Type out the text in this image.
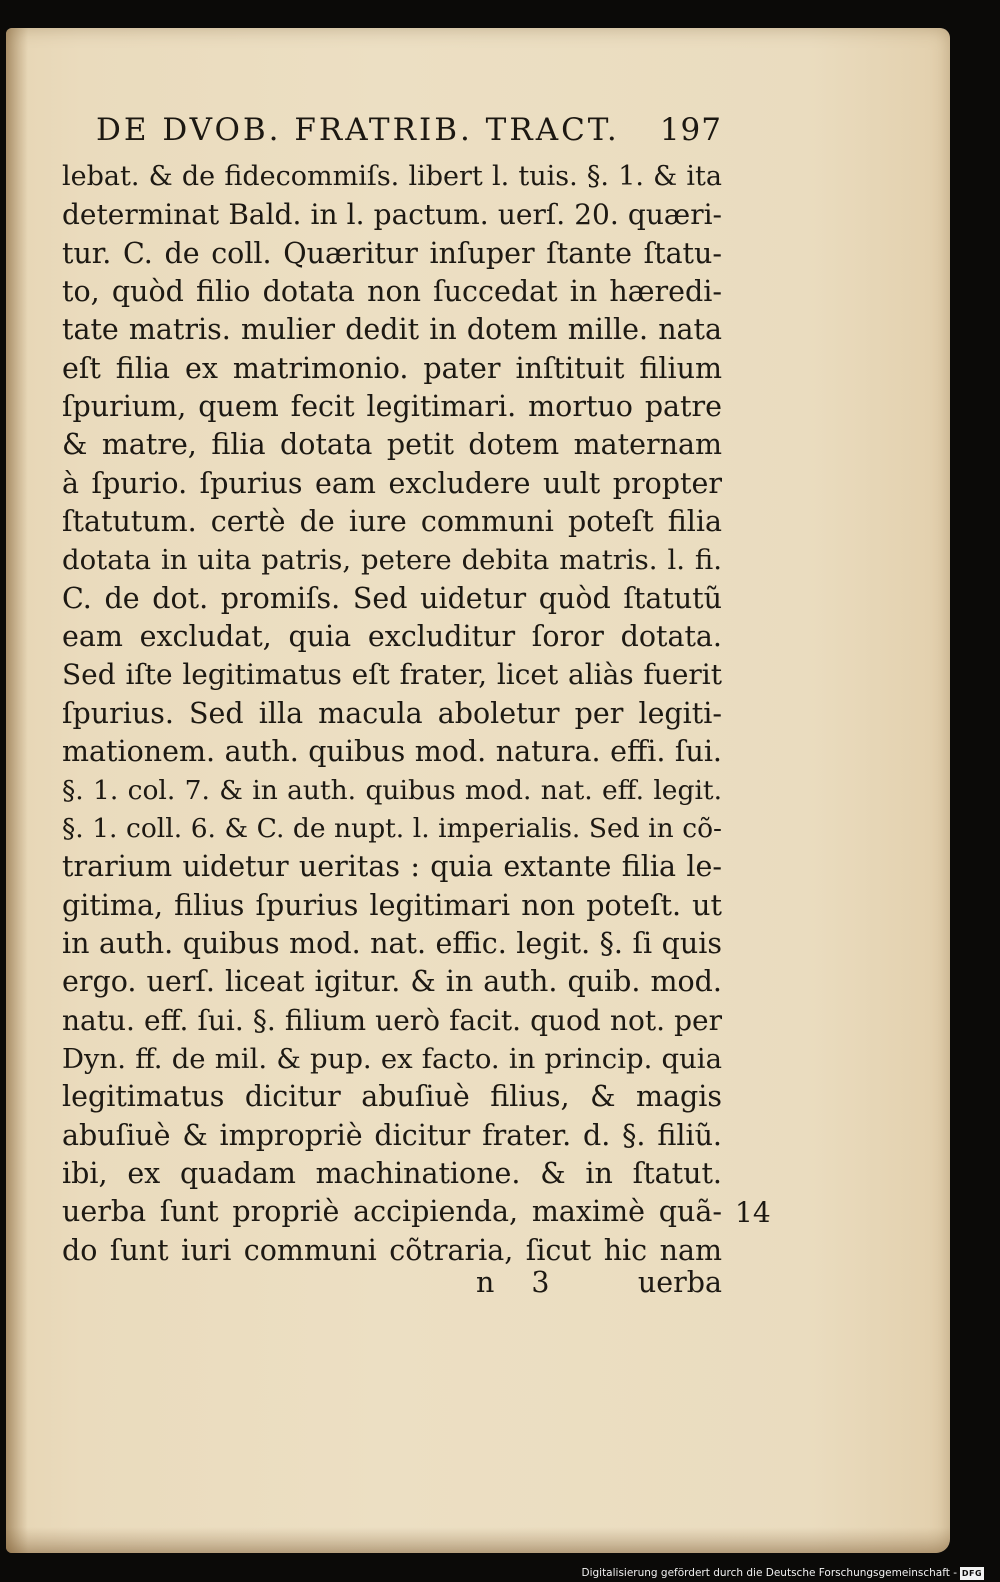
DE DVOB. FRATRIB. TRACT. 197
lebat. & de fidecommiſs. libert l. tuis. §. 1. & ita
determinat Bald. in l. pactum. uerſ. 20. quæri-
tur. C. de coll. Quæritur inſuper ſtante ſtatu-
to, quòd filio dotata non ſuccedat in hæredi-
tate matris. mulier dedit in dotem mille. nata
eſt filia ex matrimonio. pater inſtituit filium
ſpurium, quem fecit legitimari. mortuo patre
& matre, filia dotata petit dotem maternam
à ſpurio. ſpurius eam excludere uult propter
ſtatutum. certè de iure communi poteſt filia
dotata in uita patris, petere debita matris. l. fi.
C. de dot. promiſs. Sed uidetur quòd ſtatutũ
eam excludat, quia excluditur ſoror dotata.
Sed iſte legitimatus eſt frater, licet aliàs fuerit
ſpurius. Sed illa macula aboletur per legiti-
mationem. auth. quibus mod. natura. effi. ſui.
§. 1. col. 7. & in auth. quibus mod. nat. eff. legit.
§. 1. coll. 6. & C. de nupt. l. imperialis. Sed in cõ-
trarium uidetur ueritas : quia extante filia le-
gitima, filius ſpurius legitimari non poteſt. ut
in auth. quibus mod. nat. effic. legit. §. ſi quis
ergo. uerſ. liceat igitur. & in auth. quib. mod.
natu. eff. ſui. §. filium uerò facit. quod not. per
Dyn. ff. de mil. & pup. ex facto. in princip. quia
legitimatus dicitur abuſiuè filius, & magis
abuſiuè & impropriè dicitur frater. d. §. filiũ.
ibi, ex quadam machinatione. & in ſtatut.
uerba ſunt propriè accipienda, maximè quã-
do ſunt iuri communi cõtraria, ſicut hic nam
14
n 3	uerba
Digitalisierung gefördert durch die Deutsche Forschungsgemeinschaft - DFG
